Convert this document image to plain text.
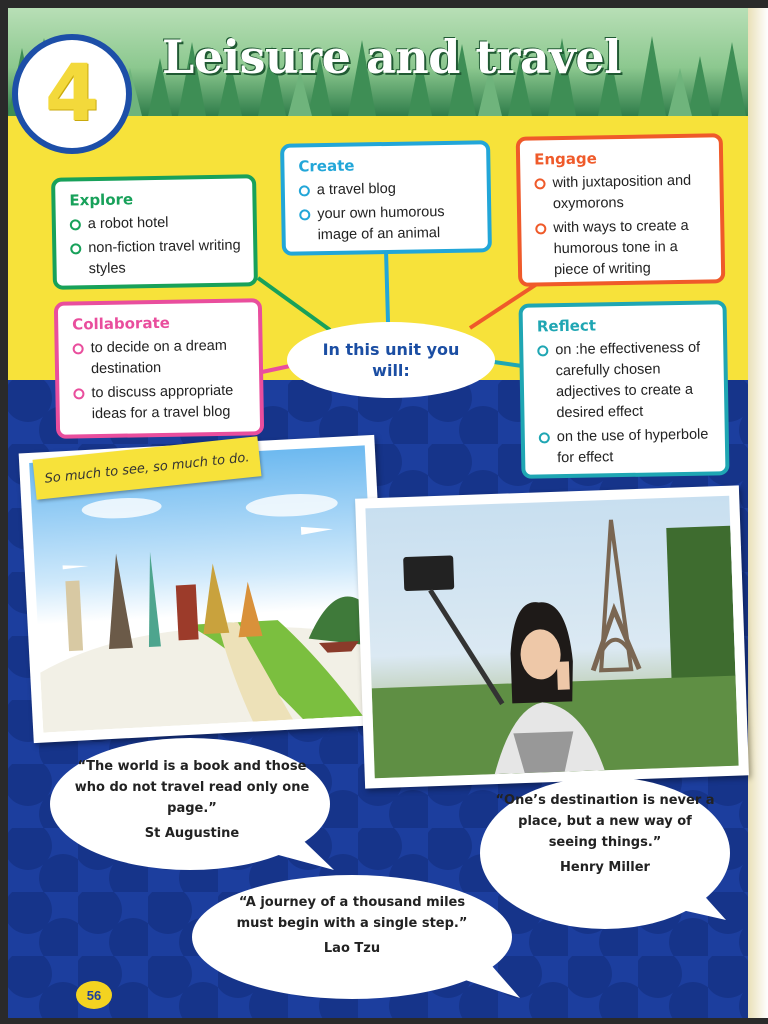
Leisure and travel
4
Explore
a robot hotel
non-fiction travel writing styles
Create
a travel blog
your own humorous image of an animal
Engage
with juxtaposition and oxymorons
with ways to create a humorous tone in a piece of writing
Collaborate
to decide on a dream destination
to discuss appropriate ideas for a travel blog
Reflect
on :he effectiveness of carefully chosen adjectives to create a desired effect
on the use of hyperbole for effect
In this unit you will:
So much to see, so much to do.
“The world is a book and those who do not travel read only one page.”
St Augustine
“One’s destinaıtion is never a place, but a new way of seeing things.”
Henry Miller
“A journey of a thousand miles must begin with a single step.”
Lao Tzu
56
